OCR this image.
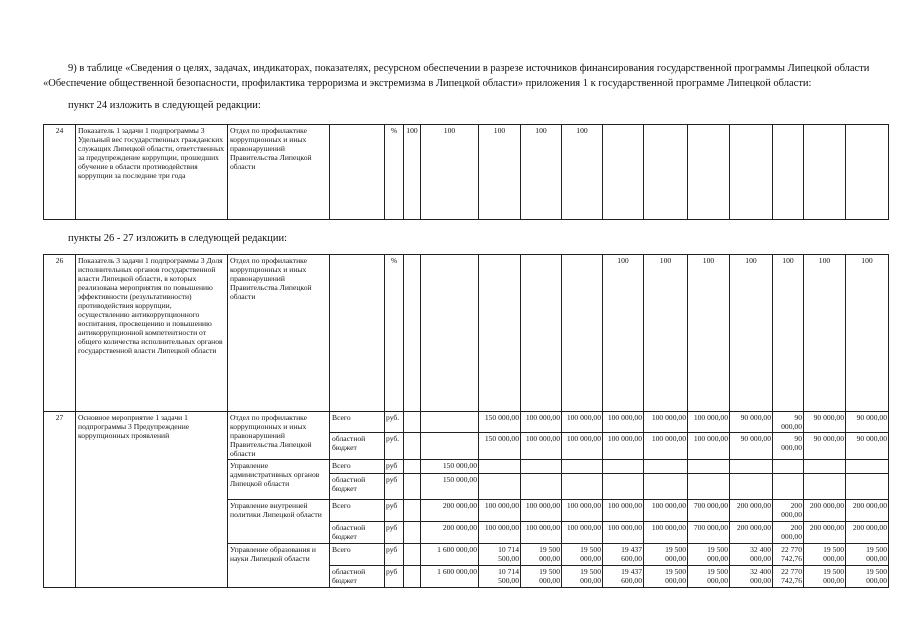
9) в таблице «Сведения о целях, задачах, индикаторах, показателях, ресурсном обеспечении в разрезе источников финансирования государственной программы Липецкой области
«Обеспечение общественной безопасности, профилактика терроризма и экстремизма в Липецкой области» приложения 1 к государственной программе Липецкой области:
пункт 24 изложить в следующей редакции:
24	Показатель 1 задачи 1 подпрограммы 3 Удельный вес государственных гражданских служащих Липецкой области, ответственных за предупреждение коррупции, прошедших обучение в области противодействия коррупции за последние три года	Отдел по профилактике коррупционных и иных правонарушений Правительства Липецкой области		%	100	100	100	100	100							
пункты 26 - 27 изложить в следующей редакции:
26	Показатель 3 задачи 1 подпрограммы 3 Доля исполнительных органов государственной власти Липецкой области, в которых реализована мероприятия по повышению эффективности (результативности) противодействия коррупции, осуществлению антикоррупционного воспитания, просвещению и повышению антикоррупционной компетентности от общего количества исполнительных органов государственной власти Липецкой области	Отдел по профилактике коррупционных и иных правонарушений Правительства Липецкой области		%						100	100	100	100	100	100	100
27	Основное мероприятие 1 задачи 1 подпрограммы 3 Предупреждение коррупционных проявлений	Отдел по профилактике коррупционных и иных правонарушений Правительства Липецкой области	Всего	руб.			150 000,00	100 000,00	100 000,00	100 000,00	100 000,00	100 000,00	90 000,00	90 000,00	90 000,00	90 000,00
			областной бюджет	руб.			150 000,00	100 000,00	100 000,00	100 000,00	100 000,00	100 000,00	90 000,00	90 000,00	90 000,00	90 000,00
		Управление административных органов Липецкой области	Всего	руб		150 000,00										
			областной бюджет	руб		150 000,00										
		Управление внутренней политики Липецкой области	Всего	руб		200 000,00	100 000,00	100 000,00	100 000,00	100 000,00	100 000,00	700 000,00	200 000,00	200 000,00	200 000,00	200 000,00
			областной бюджет	руб		200 000,00	100 000,00	100 000,00	100 000,00	100 000,00	100 000,00	700 000,00	200 000,00	200 000,00	200 000,00	200 000,00
		Управление образования и науки Липецкой области	Всего	руб		1 600 000,00	10 714 500,00	19 500 000,00	19 500 000,00	19 437 600,00	19 500 000,00	19 500 000,00	32 400 000,00	22 770 742,76	19 500 000,00	19 500 000,00
			областной бюджет	руб		1 600 000,00	10 714 500,00	19 500 000,00	19 500 000,00	19 437 600,00	19 500 000,00	19 500 000,00	32 400 000,00	22 770 742,76	19 500 000,00	19 500 000,00
